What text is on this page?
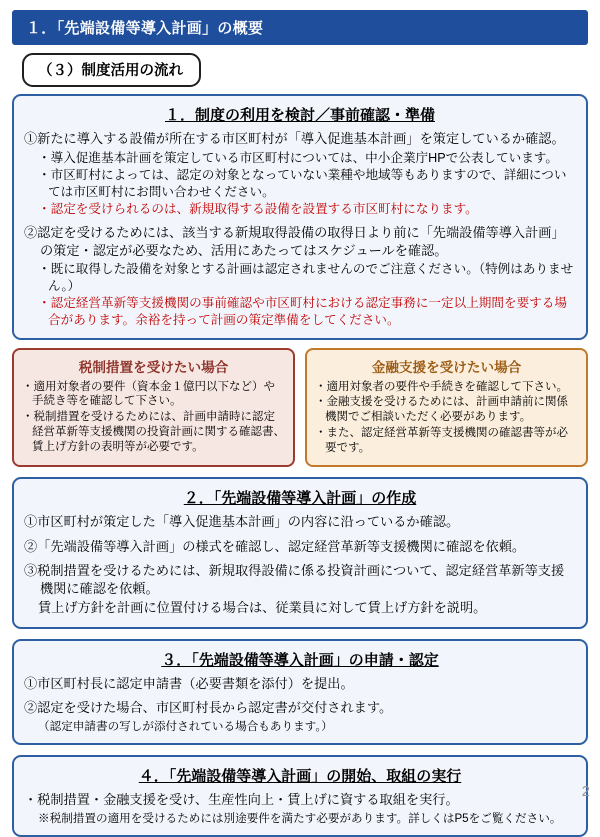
１．「先端設備等導入計画」の概要
（３）制度活用の流れ
１．制度の利用を検討／事前確認・準備
①新たに導入する設備が所在する市区町村が「導入促進基本計画」を策定しているか確認。
・導入促進基本計画を策定している市区町村については、中小企業庁HPで公表しています。
・市区町村によっては、認定の対象となっていない業種や地域等もありますので、詳細については市区町村にお問い合わせください。
・認定を受けられるのは、新規取得する設備を設置する市区町村になります。
②認定を受けるためには、該当する新規取得設備の取得日より前に「先端設備等導入計画」の策定・認定が必要なため、活用にあたってはスケジュールを確認。
・既に取得した設備を対象とする計画は認定されませんのでご注意ください。（特例はありません。）
・認定経営革新等支援機関の事前確認や市区町村における認定事務に一定以上期間を要する場合があります。余裕を持って計画の策定準備をしてください。
税制措置を受けたい場合
・適用対象者の要件（資本金１億円以下など）や手続き等を確認して下さい。
・税制措置を受けるためには、計画申請時に認定経営革新等支援機関の投資計画に関する確認書、賃上げ方針の表明等が必要です。
金融支援を受けたい場合
・適用対象者の要件や手続きを確認して下さい。
・金融支援を受けるためには、計画申請前に関係機関でご相談いただく必要があります。
・また、認定経営革新等支援機関の確認書等が必要です。
２．「先端設備等導入計画」の作成
①市区町村が策定した「導入促進基本計画」の内容に沿っているか確認。
②「先端設備等導入計画」の様式を確認し、認定経営革新等支援機関に確認を依頼。
③税制措置を受けるためには、新規取得設備に係る投資計画について、認定経営革新等支援機関に確認を依頼。
賃上げ方針を計画に位置付ける場合は、従業員に対して賃上げ方針を説明。
３．「先端設備等導入計画」の申請・認定
①市区町村長に認定申請書（必要書類を添付）を提出。
②認定を受けた場合、市区町村長から認定書が交付されます。
（認定申請書の写しが添付されている場合もあります。）
４．「先端設備等導入計画」の開始、取組の実行
・税制措置・金融支援を受け、生産性向上・賃上げに資する取組を実行。
※税制措置の適用を受けるためには別途要件を満たす必要があります。詳しくはP5をご覧ください。
2
